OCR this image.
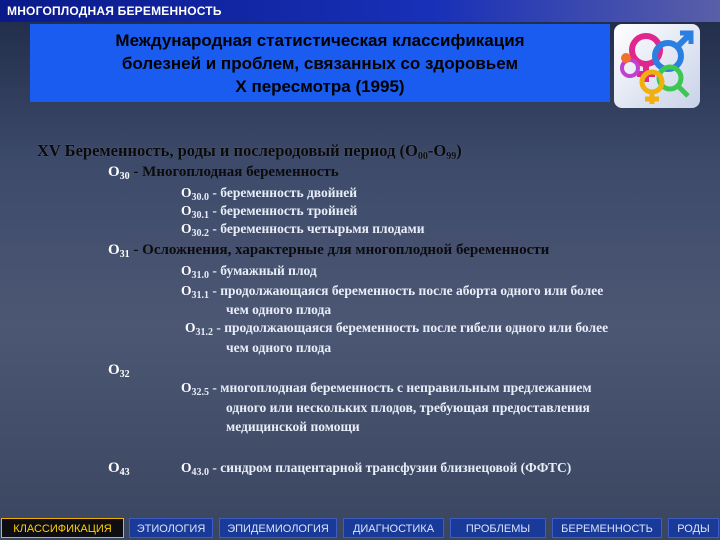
МНОГОПЛОДНАЯ БЕРЕМЕННОСТЬ
Международная статистическая классификация
болезней и проблем, связанных со здоровьем
X пересмотра (1995)
XV Беременность, роды и послеродовый период $(O_{00}-O_{99})$
$O_{30}$ - Многоплодная беременность
$O_{30.0}$ - беременность двойней
$O_{30.1}$ - беременность тройней
$O_{30.2}$ - беременность четырьмя плодами
$O_{31}$ - Осложнения, характерные для многоплодной беременности
$O_{31.0}$ - бумажный плод
$O_{31.1}$ - продолжающаяся беременность после аборта одного или более
чем одного плода
$O_{31.2}$ - продолжающаяся беременность после гибели одного или более
чем одного плода
$O_{32}$
$O_{32.5}$ - многоплодная беременность с неправильным предлежанием
одного или нескольких плодов, требующая предоставления
медицинской помощи
$O_{43}$	$O_{43.0}$ - синдром плацентарной трансфузии близнецовой (ФФТС)
КЛАССИФИКАЦИЯ	ЭТИОЛОГИЯ	ЭПИДЕМИОЛОГИЯ	ДИАГНОСТИКА	ПРОБЛЕМЫ	БЕРЕМЕННОСТЬ	РОДЫ
